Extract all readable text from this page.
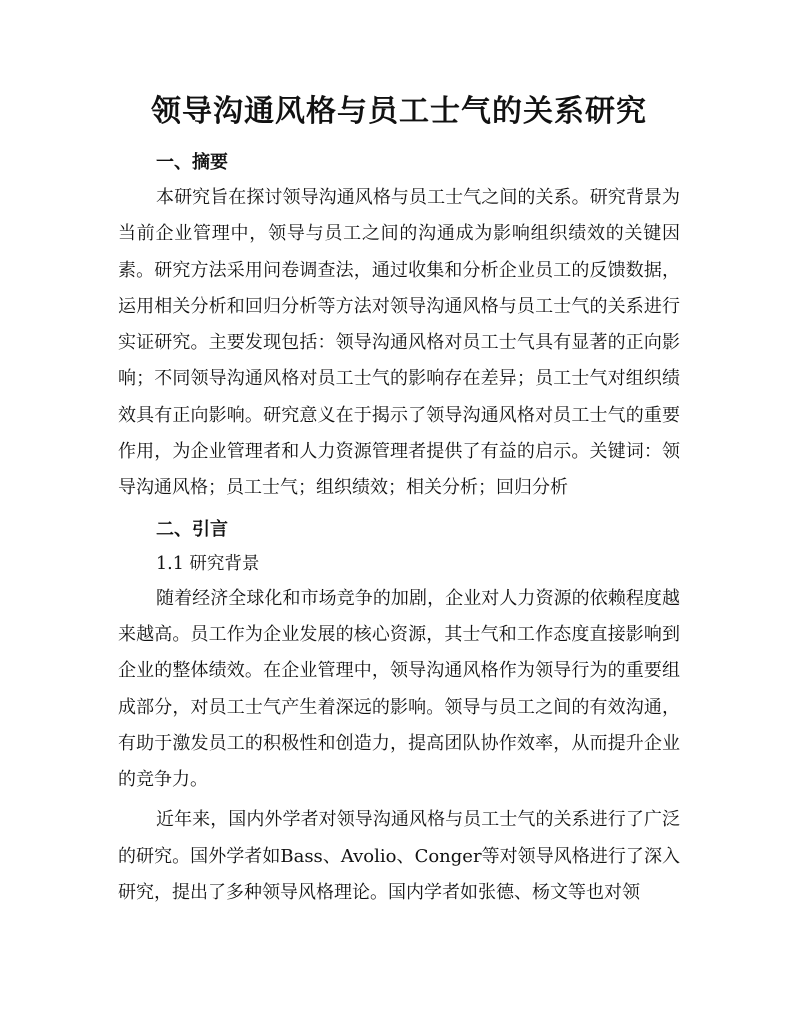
领导沟通风格与员工士气的关系研究
一、摘要
本研究旨在探讨领导沟通风格与员工士气之间的关系。研究背景为当前企业管理中，领导与员工之间的沟通成为影响组织绩效的关键因素。研究方法采用问卷调查法，通过收集和分析企业员工的反馈数据，运用相关分析和回归分析等方法对领导沟通风格与员工士气的关系进行实证研究。主要发现包括：领导沟通风格对员工士气具有显著的正向影响；不同领导沟通风格对员工士气的影响存在差异；员工士气对组织绩效具有正向影响。研究意义在于揭示了领导沟通风格对员工士气的重要作用，为企业管理者和人力资源管理者提供了有益的启示。关键词：领导沟通风格；员工士气；组织绩效；相关分析；回归分析
二、引言
1.1 研究背景
随着经济全球化和市场竞争的加剧，企业对人力资源的依赖程度越来越高。员工作为企业发展的核心资源，其士气和工作态度直接影响到企业的整体绩效。在企业管理中，领导沟通风格作为领导行为的重要组成部分，对员工士气产生着深远的影响。领导与员工之间的有效沟通，有助于激发员工的积极性和创造力，提高团队协作效率，从而提升企业的竞争力。
近年来，国内外学者对领导沟通风格与员工士气的关系进行了广泛的研究。国外学者如Bass、Avolio、Conger等对领导风格进行了深入研究，提出了多种领导风格理论。国内学者如张德、杨文等也对领
